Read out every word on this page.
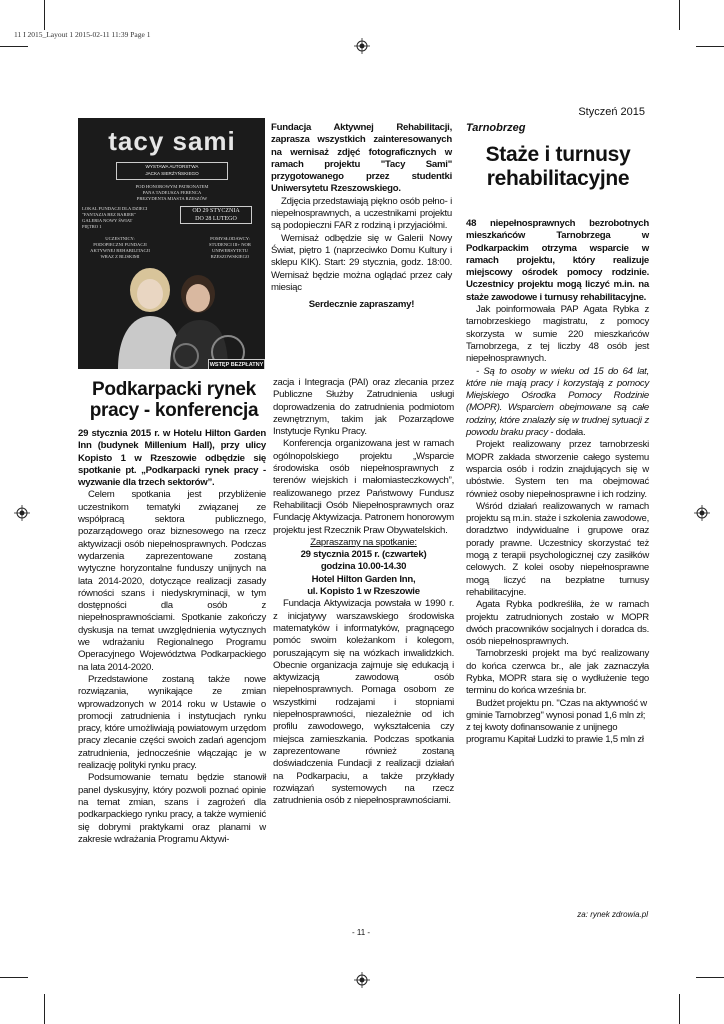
11 I 2015_Layout 1 2015-02-11 11:39 Page 1
Styczeń 2015
tacy sami
WYSTAWA AUTORSTWA
JACKA SIERŻYŃSKIEGO
POD HONOROWYM PATRONATEM
PANA TADEUSZA FERENCA
PREZYDENTA MIASTA RZESZÓW
LOKAL FUNDACJI DLA DZIECI
"FANTAZJA BEZ BARIER"
GALERIA NOWY ŚWIAT
PIĘTRO 1
OD 29 STYCZNIA
DO 28 LUTEGO
UCZESTNICY:
PODOPIECZNI FUNDACJI
AKTYWNEJ REHABILITACJI
WRAZ Z BLISKIMI
POMYSŁODAWCY:
STUDENCI III+ NOR
UNIWERSYTETU
RZESZOWSKIEGO
WSTĘP BEZPŁATNY

Fundacja Aktywnej Rehabilitacji, zaprasza wszystkich zainteresowanych na wernisaż zdjęć fotograficznych w ramach projektu "Tacy Sami" przygotowanego przez studentki Uniwersytetu Rzeszowskiego.

Zdjęcia przedstawiają piękno osób pełno- i niepełnosprawnych, a uczestnikami projektu są podopieczni FAR z rodziną i przyjaciółmi.

Wernisaż odbędzie się w Galerii Nowy Świat, piętro 1 (naprzeciwko Domu Kultury i sklepu KIK). Start: 29 stycznia, godz. 18:00. Wernisaż będzie można oglądać przez cały miesiąc

Serdecznie zapraszamy!

Podkarpacki rynek pracy - konferencja

29 stycznia 2015 r. w Hotelu Hilton Garden Inn (budynek Millenium Hall), przy ulicy Kopisto 1 w Rzeszowie odbędzie się spotkanie pt. „Podkarpacki rynek pracy - wyzwanie dla trzech sektorów”.

Celem spotkania jest przybliżenie uczestnikom tematyki związanej ze współpracą sektora publicznego, pozarządowego oraz biznesowego na rzecz aktywizacji osób niepełnosprawnych. Podczas wydarzenia zaprezentowane zostaną wytyczne horyzontalne funduszy unijnych na lata 2014-2020, dotyczące realizacji zasady równości szans i niedyskryminacji, w tym dostępności dla osób z niepełnosprawnościami. Spotkanie zakończy dyskusja na temat uwzględnienia wytycznych we wdrażaniu Regionalnego Programu Operacyjnego Województwa Podkarpackiego na lata 2014-2020.

Przedstawione zostaną także nowe rozwiązania, wynikające ze zmian wprowadzonych w 2014 roku w Ustawie o promocji zatrudnienia i instytucjach rynku pracy, które umożliwiają powiatowym urzędom pracy zlecanie części swoich zadań agencjom zatrudnienia, jednocześnie włączając je w realizację polityki rynku pracy.

Podsumowanie tematu będzie stanowił panel dyskusyjny, który pozwoli poznać opinie na temat zmian, szans i zagrożeń dla podkarpackiego rynku pracy, a także wymienić się dobrymi praktykami oraz planami w zakresie wdrażania Programu Aktywi-

zacja i Integracja (PAI) oraz zlecania przez Publiczne Służby Zatrudnienia usługi doprowadzenia do zatrudnienia podmiotom zewnętrznym, takim jak Pozarządowe Instytucje Rynku Pracy.

Konferencja organizowana jest w ramach ogólnopolskiego projektu „Wsparcie środowiska osób niepełnosprawnych z terenów wiejskich i małomiasteczkowych”, realizowanego przez Państwowy Fundusz Rehabilitacji Osób Niepełnosprawnych oraz Fundację Aktywizacja. Patronem honorowym projektu jest Rzecznik Praw Obywatelskich.

Zapraszamy na spotkanie:

29 stycznia 2015 r. (czwartek)

godzina 10.00-14.30

Hotel Hilton Garden Inn,

ul. Kopisto 1 w Rzeszowie

Fundacja Aktywizacja powstała w 1990 r. z inicjatywy warszawskiego środowiska matematyków i informatyków, pragnącego pomóc swoim koleżankom i kolegom, poruszającym się na wózkach inwalidzkich. Obecnie organizacja zajmuje się edukacją i aktywizacją zawodową osób niepełnosprawnych. Pomaga osobom ze wszystkimi rodzajami i stopniami niepełnosprawności, niezależnie od ich profilu zawodowego, wykształcenia czy miejsca zamieszkania. Podczas spotkania zaprezentowane również zostaną doświadczenia Fundacji z realizacji działań na Podkarpaciu, a także przykłady rozwiązań systemowych na rzecz zatrudnienia osób z niepełnosprawnościami.

Tarnobrzeg
Staże i turnusy rehabilitacyjne

48 niepełnosprawnych bezrobotnych mieszkańców Tarnobrzega w Podkarpackim otrzyma wsparcie w ramach projektu, który realizuje miejscowy ośrodek pomocy rodzinie. Uczestnicy projektu mogą liczyć m.in. na staże zawodowe i turnusy rehabilitacyjne.

Jak poinformowała PAP Agata Rybka z tarnobrzeskiego magistratu, z pomocy skorzysta w sumie 220 mieszkańców Tarnobrzega, z tej liczby 48 osób jest niepełnosprawnych.

- Są to osoby w wieku od 15 do 64 lat, które nie mają pracy i korzystają z pomocy Miejskiego Ośrodka Pomocy Rodzinie (MOPR). Wsparciem obejmowane są całe rodziny, które znalazły się w trudnej sytuacji z powodu braku pracy - dodała.

Projekt realizowany przez tarnobrzeski MOPR zakłada stworzenie całego systemu wsparcia osób i rodzin znajdujących się w ubóstwie. System ten ma obejmować również osoby niepełnosprawne i ich rodziny.

Wśród działań realizowanych w ramach projektu są m.in. staże i szkolenia zawodowe, doradztwo indywidualne i grupowe oraz porady prawne. Uczestnicy skorzystać też mogą z terapii psychologicznej czy zasiłków celowych. Z kolei osoby niepełnosprawne mogą liczyć na bezpłatne turnusy rehabilitacyjne.

Agata Rybka podkreśliła, że w ramach projektu zatrudnionych zostało w MOPR dwóch pracowników socjalnych i doradca ds. osób niepełnosprawnych.

Tarnobrzeski projekt ma być realizowany do końca czerwca br., ale jak zaznaczyła Rybka, MOPR stara się o wydłużenie tego terminu do końca września br.

Budżet projektu pn. "Czas na aktywność w gminie Tarnobrzeg" wynosi ponad 1,6 mln zł; z tej kwoty dofinansowanie z unijnego programu Kapitał Ludzki to prawie 1,5 mln zł

za: rynek zdrowia.pl
- 11 -
